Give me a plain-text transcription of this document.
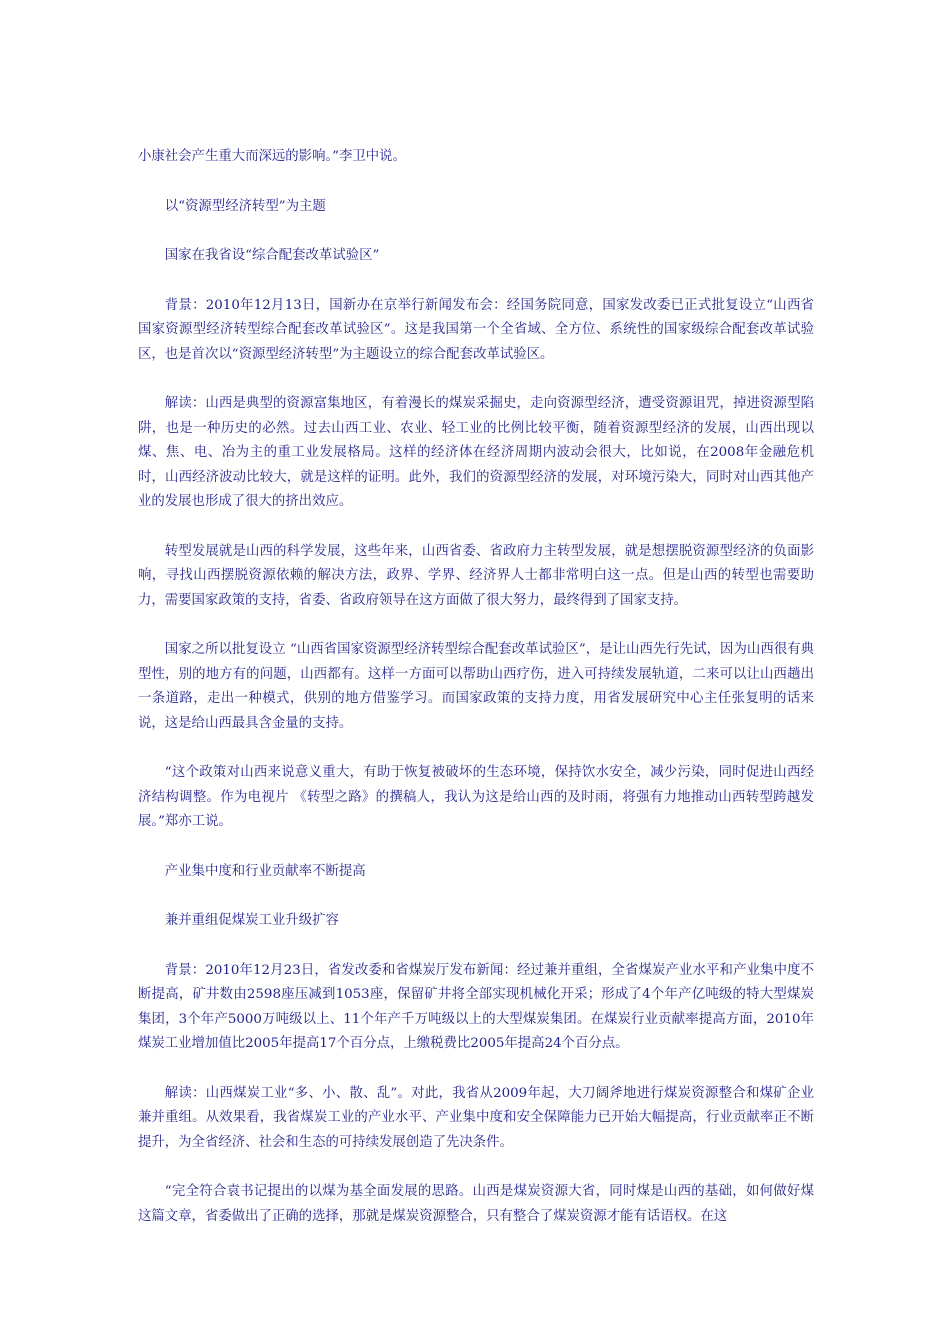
小康社会产生重大而深远的影响。”李卫中说。

以“资源型经济转型”为主题

国家在我省设“综合配套改革试验区”

背景：2010年12月13日，国新办在京举行新闻发布会：经国务院同意，国家发改委已正式批复设立“山西省国家资源型经济转型综合配套改革试验区”。这是我国第一个全省域、全方位、系统性的国家级综合配套改革试验区，也是首次以“资源型经济转型”为主题设立的综合配套改革试验区。

解读：山西是典型的资源富集地区，有着漫长的煤炭采掘史，走向资源型经济，遭受资源诅咒，掉进资源型陷阱，也是一种历史的必然。过去山西工业、农业、轻工业的比例比较平衡，随着资源型经济的发展，山西出现以煤、焦、电、冶为主的重工业发展格局。这样的经济体在经济周期内波动会很大，比如说，在2008年金融危机时，山西经济波动比较大，就是这样的证明。此外，我们的资源型经济的发展，对环境污染大，同时对山西其他产业的发展也形成了很大的挤出效应。

转型发展就是山西的科学发展，这些年来，山西省委、省政府力主转型发展，就是想摆脱资源型经济的负面影响，寻找山西摆脱资源依赖的解决方法，政界、学界、经济界人士都非常明白这一点。但是山西的转型也需要助力，需要国家政策的支持，省委、省政府领导在这方面做了很大努力，最终得到了国家支持。

国家之所以批复设立 “山西省国家资源型经济转型综合配套改革试验区”，是让山西先行先试，因为山西很有典型性，别的地方有的问题，山西都有。这样一方面可以帮助山西疗伤，进入可持续发展轨道，二来可以让山西趟出一条道路，走出一种模式，供别的地方借鉴学习。而国家政策的支持力度，用省发展研究中心主任张复明的话来说，这是给山西最具含金量的支持。

“这个政策对山西来说意义重大，有助于恢复被破坏的生态环境，保持饮水安全，减少污染，同时促进山西经济结构调整。作为电视片 《转型之路》的撰稿人，我认为这是给山西的及时雨，将强有力地推动山西转型跨越发展。”郑亦工说。

产业集中度和行业贡献率不断提高

兼并重组促煤炭工业升级扩容

背景：2010年12月23日，省发改委和省煤炭厅发布新闻：经过兼并重组，全省煤炭产业水平和产业集中度不断提高，矿井数由2598座压减到1053座，保留矿井将全部实现机械化开采；形成了4个年产亿吨级的特大型煤炭集团，3个年产5000万吨级以上、11个年产千万吨级以上的大型煤炭集团。在煤炭行业贡献率提高方面，2010年煤炭工业增加值比2005年提高17个百分点，上缴税费比2005年提高24个百分点。

解读：山西煤炭工业“多、小、散、乱”。对此，我省从2009年起，大刀阔斧地进行煤炭资源整合和煤矿企业兼并重组。从效果看，我省煤炭工业的产业水平、产业集中度和安全保障能力已开始大幅提高，行业贡献率正不断提升，为全省经济、社会和生态的可持续发展创造了先决条件。

“完全符合袁书记提出的以煤为基全面发展的思路。山西是煤炭资源大省，同时煤是山西的基础，如何做好煤这篇文章，省委做出了正确的选择，那就是煤炭资源整合，只有整合了煤炭资源才能有话语权。在这
